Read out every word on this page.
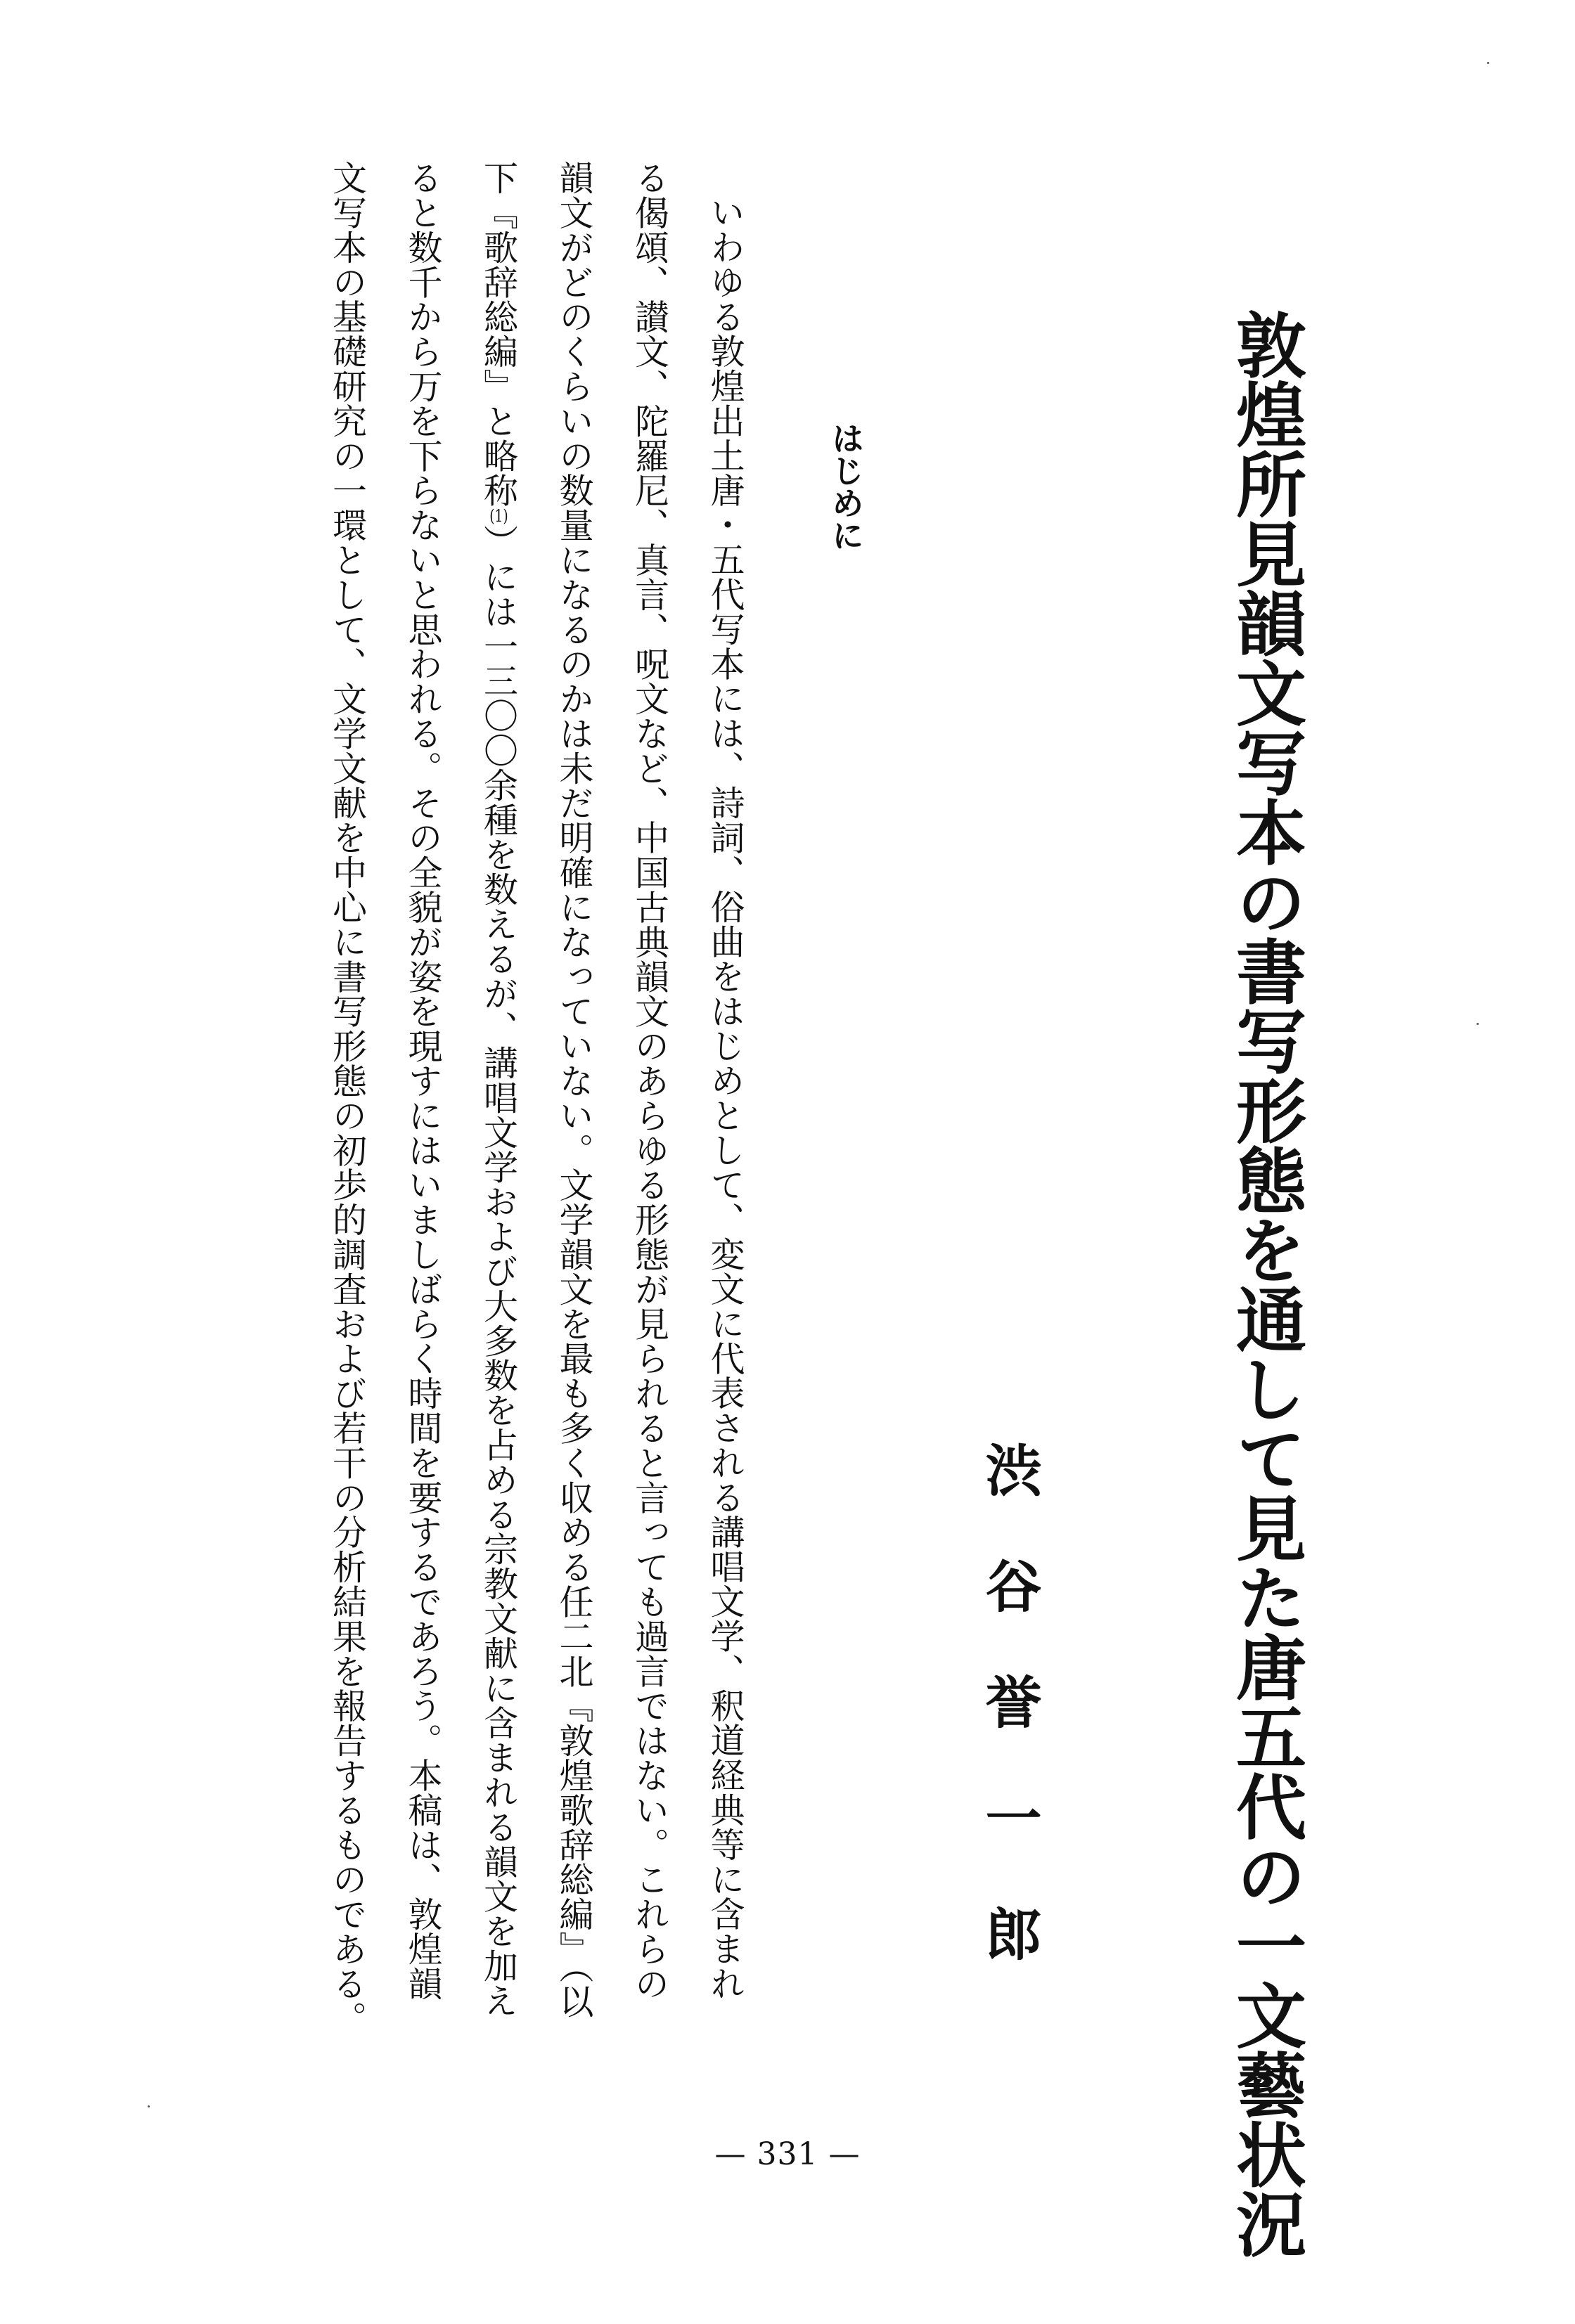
敦煌所見韻文写本の書写形態を通して見た唐五代の一文藝状況
渋谷誉一郎
はじめに
いわゆる敦煌出土唐・五代写本には、詩詞、俗曲をはじめとして、変文に代表される講唱文学、釈道経典等に含まれ
る偈頌、讃文、陀羅尼、真言、呪文など、中国古典韻文のあらゆる形態が見られると言っても過言ではない。これらの
韻文がどのくらいの数量になるのかは未だ明確になっていない。文学韻文を最も多く収める任二北『敦煌歌辞総編』（以
下『歌辞総編』と略称$^{(1)}$）には一三〇〇余種を数えるが、講唱文学および大多数を占める宗教文献に含まれる韻文を加え
ると数千から万を下らないと思われる。その全貌が姿を現すにはいましばらく時間を要するであろう。本稿は、敦煌韻
文写本の基礎研究の一環として、文学文献を中心に書写形態の初歩的調査および若干の分析結果を報告するものである。
— 331 —
